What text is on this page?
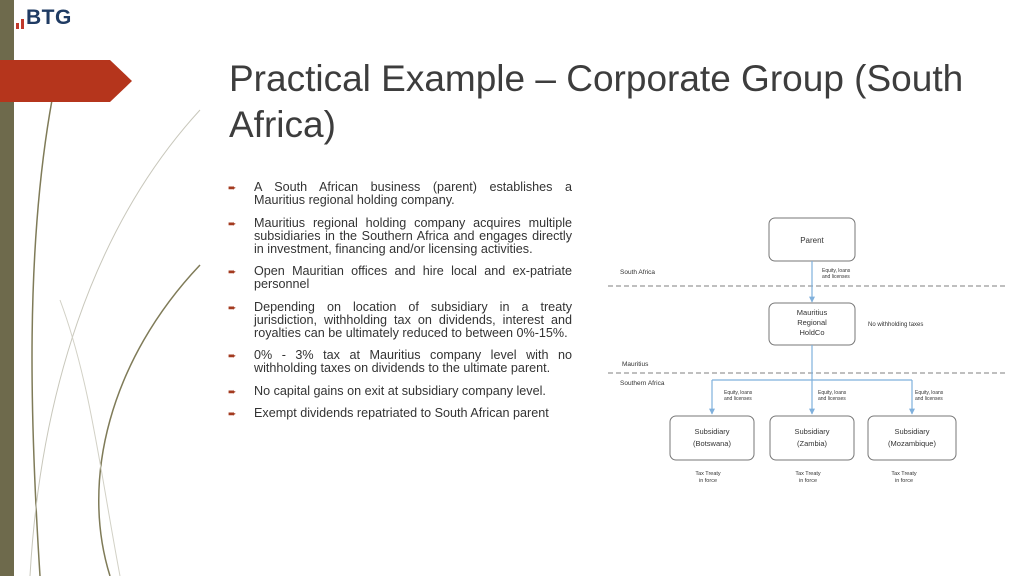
BTG
Practical Example – Corporate Group (South Africa)
➨ A South African business (parent) establishes a Mauritius regional holding company.
➨ Mauritius regional holding company acquires multiple subsidiaries in the Southern Africa and engages directly in investment, financing and/or licensing activities.
➨ Open Mauritian offices and hire local and ex-patriate personnel
➨ Depending on location of subsidiary in a treaty jurisdiction, withholding tax on dividends, interest and royalties can be ultimately reduced to between 0%-15%.
➨ 0% - 3% tax at Mauritius company level with no withholding taxes on dividends to the ultimate parent.
➨ No capital gains on exit at subsidiary company level.
➨ Exempt dividends repatriated to South African parent
South Africa
Mauritius
Southern Africa
Parent
Equity, loans
and licenses
Mauritius
Regional
HoldCo
No withholding taxes
Equity, loans
and licenses
Equity, loans
and licenses
Equity, loans
and licenses
Subsidiary
(Botswana)
Subsidiary
(Zambia)
Subsidiary
(Mozambique)
Tax Treaty
in force
Tax Treaty
in force
Tax Treaty
in force
